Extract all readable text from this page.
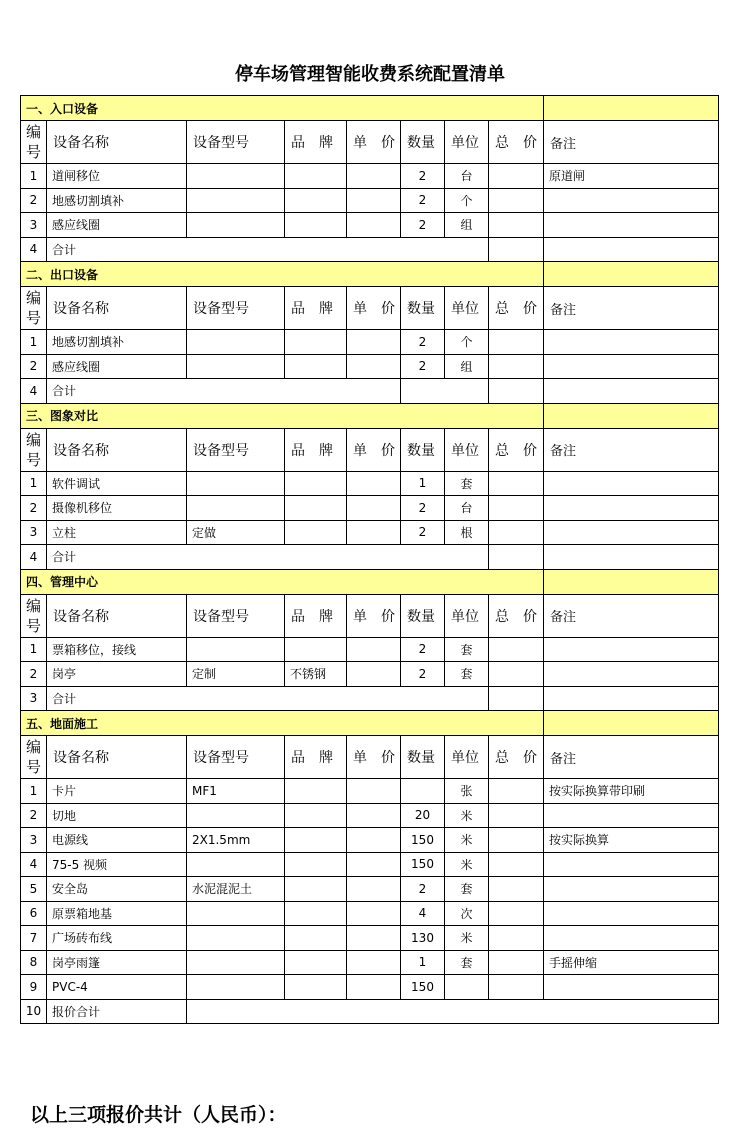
停车场管理智能收费系统配置清单
一、入口设备								
编号	设备名称	设备型号	品　牌	单　价	数量	单位	总　价	备注
1	道闸移位				2	台		原道闸
2	地感切割填补				2	个		
3	感应线圈				2	组		
4	合计							
二、出口设备								
编号	设备名称	设备型号	品　牌	单　价	数量	单位	总　价	备注
1	地感切割填补				2	个		
2	感应线圈				2	组		
4	合计							
三、图象对比								
编号	设备名称	设备型号	品　牌	单　价	数量	单位	总　价	备注
1	软件调试				1	套		
2	摄像机移位				2	台		
3	立柱	定做			2	根		
4	合计							
四、管理中心								
编号	设备名称	设备型号	品　牌	单　价	数量	单位	总　价	备注
1	票箱移位，接线				2	套		
2	岗亭	定制	不锈钢		2	套		
3	合计							
五、地面施工								
编号	设备名称	设备型号	品　牌	单　价	数量	单位	总　价	备注
1	卡片	MF1				张		按实际换算带印刷
2	切地				20	米		
3	电源线	2X1.5mm			150	米		按实际换算
4	75-5 视频				150	米		
5	安全岛	水泥混泥土			2	套		
6	原票箱地基				4	次		
7	广场砖布线				130	米		
8	岗亭雨篷				1	套		手摇伸缩
9	PVC-4				150			
10	报价合计							
以上三项报价共计（人民币）：
